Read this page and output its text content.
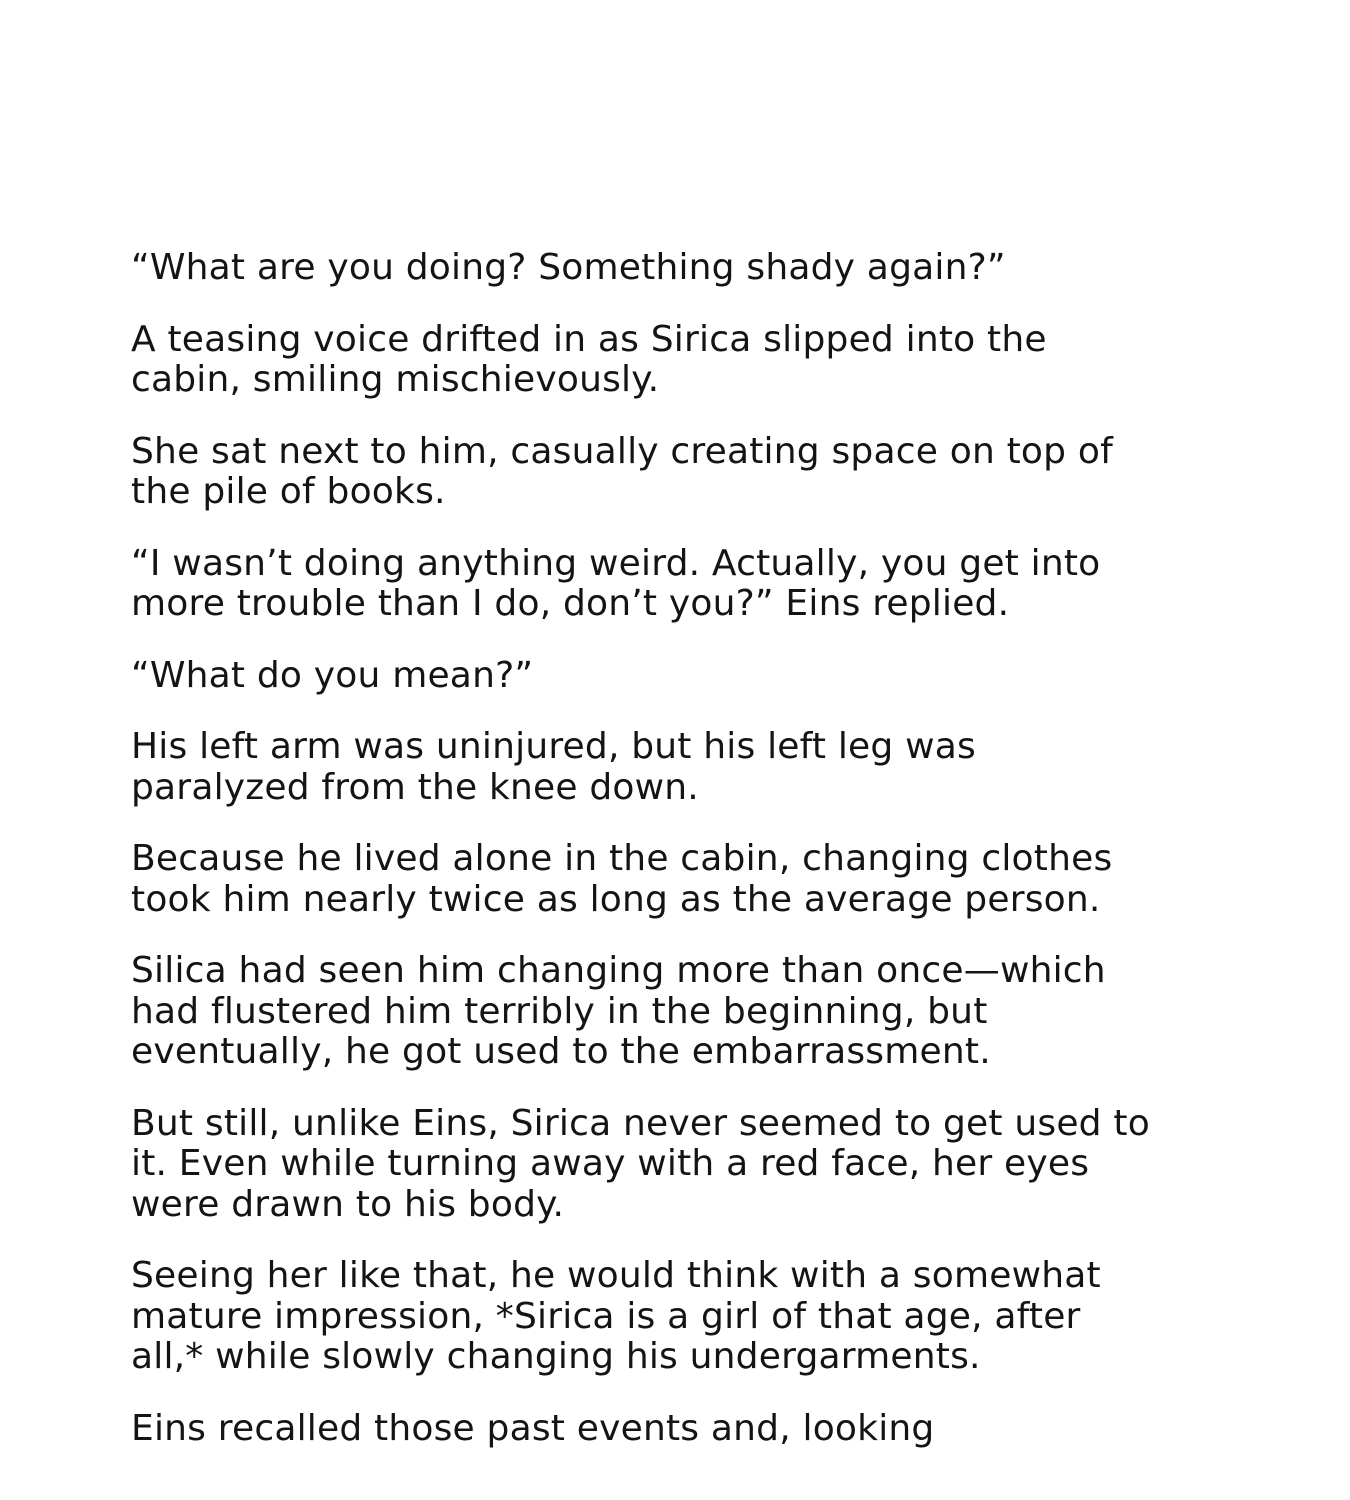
“What are you doing? Something shady again?”

A teasing voice drifted in as Sirica slipped into the cabin, smiling mischievously.

She sat next to him, casually creating space on top of the pile of books.

“I wasn’t doing anything weird. Actually, you get into more trouble than I do, don’t you?” Eins replied.

“What do you mean?”

His left arm was uninjured, but his left leg was paralyzed from the knee down.

Because he lived alone in the cabin, changing clothes took him nearly twice as long as the average person.

Silica had seen him changing more than once—which had flustered him terribly in the beginning, but eventually, he got used to the embarrassment.

But still, unlike Eins, Sirica never seemed to get used to it. Even while turning away with a red face, her eyes were drawn to his body.

Seeing her like that, he would think with a somewhat mature impression, *Sirica is a girl of that age, after all,* while slowly changing his undergarments.

Eins recalled those past events and, looking
